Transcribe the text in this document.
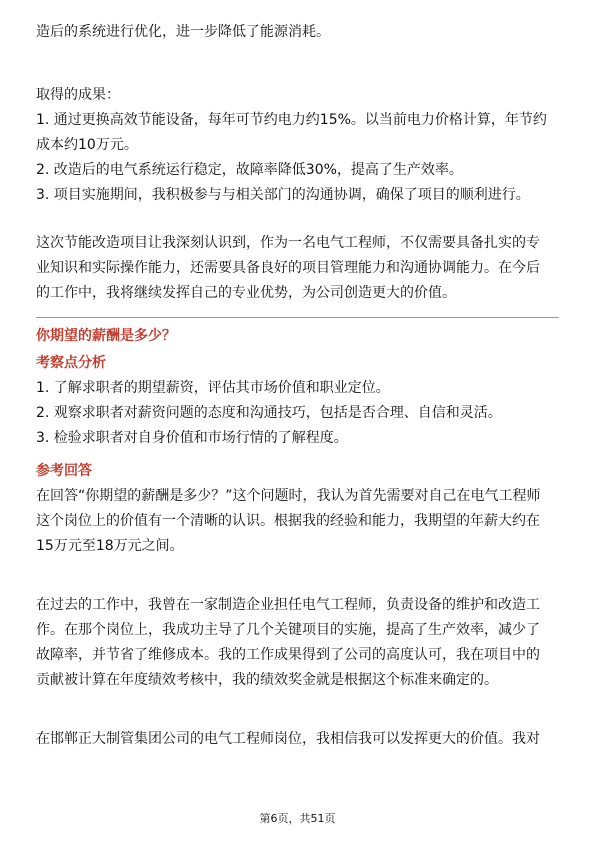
造后的系统进行优化，进一步降低了能源消耗。

取得的成果：

1. 通过更换高效节能设备，每年可节约电力约15%。以当前电力价格计算，年节约
成本约10万元。
2. 改造后的电气系统运行稳定，故障率降低30%，提高了生产效率。
3. 项目实施期间，我积极参与与相关部门的沟通协调，确保了项目的顺利进行。
这次节能改造项目让我深刻认识到，作为一名电气工程师，不仅需要具备扎实的专
业知识和实际操作能力，还需要具备良好的项目管理能力和沟通协调能力。在今后
的工作中，我将继续发挥自己的专业优势，为公司创造更大的价值。
你期望的薪酬是多少？
考察点分析
1. 了解求职者的期望薪资，评估其市场价值和职业定位。
2. 观察求职者对薪资问题的态度和沟通技巧，包括是否合理、自信和灵活。
3. 检验求职者对自身价值和市场行情的了解程度。
参考回答
在回答“你期望的薪酬是多少？”这个问题时，我认为首先需要对自己在电气工程师
这个岗位上的价值有一个清晰的认识。根据我的经验和能力，我期望的年薪大约在
15万元至18万元之间。
在过去的工作中，我曾在一家制造企业担任电气工程师，负责设备的维护和改造工
作。在那个岗位上，我成功主导了几个关键项目的实施，提高了生产效率，减少了
故障率，并节省了维修成本。我的工作成果得到了公司的高度认可，我在项目中的
贡献被计算在年度绩效考核中，我的绩效奖金就是根据这个标准来确定的。
在邯郸正大制管集团公司的电气工程师岗位，我相信我可以发挥更大的价值。我对
第6页，共51页
